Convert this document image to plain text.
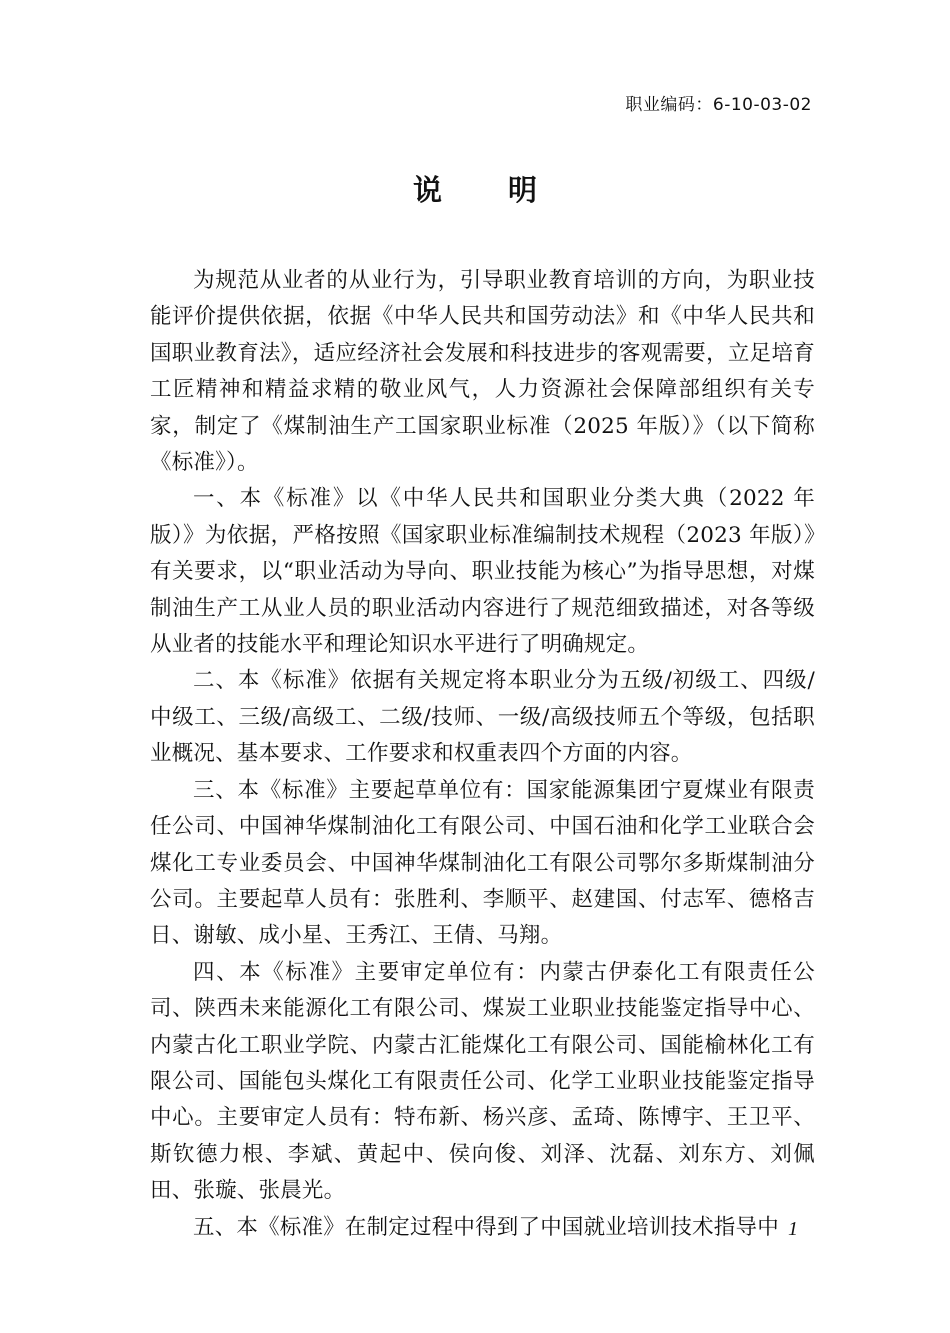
职业编码：6-10-03-02
说 明

为规范从业者的从业行为，引导职业教育培训的方向，为职业技能评价提供依据，依据《中华人民共和国劳动法》和《中华人民共和国职业教育法》，适应经济社会发展和科技进步的客观需要，立足培育工匠精神和精益求精的敬业风气，人力资源社会保障部组织有关专家，制定了《煤制油生产工国家职业标准（2025 年版）》（以下简称《标准》）。

一、本《标准》以《中华人民共和国职业分类大典（2022 年版）》为依据，严格按照《国家职业标准编制技术规程（2023 年版）》有关要求，以“职业活动为导向、职业技能为核心”为指导思想，对煤制油生产工从业人员的职业活动内容进行了规范细致描述，对各等级从业者的技能水平和理论知识水平进行了明确规定。

二、本《标准》依据有关规定将本职业分为五级/初级工、四级/中级工、三级/高级工、二级/技师、一级/高级技师五个等级，包括职业概况、基本要求、工作要求和权重表四个方面的内容。

三、本《标准》主要起草单位有：国家能源集团宁夏煤业有限责任公司、中国神华煤制油化工有限公司、中国石油和化学工业联合会煤化工专业委员会、中国神华煤制油化工有限公司鄂尔多斯煤制油分公司。主要起草人员有：张胜利、李顺平、赵建国、付志军、德格吉日、谢敏、成小星、王秀江、王倩、马翔。

四、本《标准》主要审定单位有：内蒙古伊泰化工有限责任公司、陕西未来能源化工有限公司、煤炭工业职业技能鉴定指导中心、内蒙古化工职业学院、内蒙古汇能煤化工有限公司、国能榆林化工有限公司、国能包头煤化工有限责任公司、化学工业职业技能鉴定指导中心。主要审定人员有：特布新、杨兴彦、孟琦、陈博宇、王卫平、斯钦德力根、李斌、黄起中、侯向俊、刘泽、沈磊、刘东方、刘佩田、张璇、张晨光。

五、本《标准》在制定过程中得到了中国就业培训技术指导中 1
